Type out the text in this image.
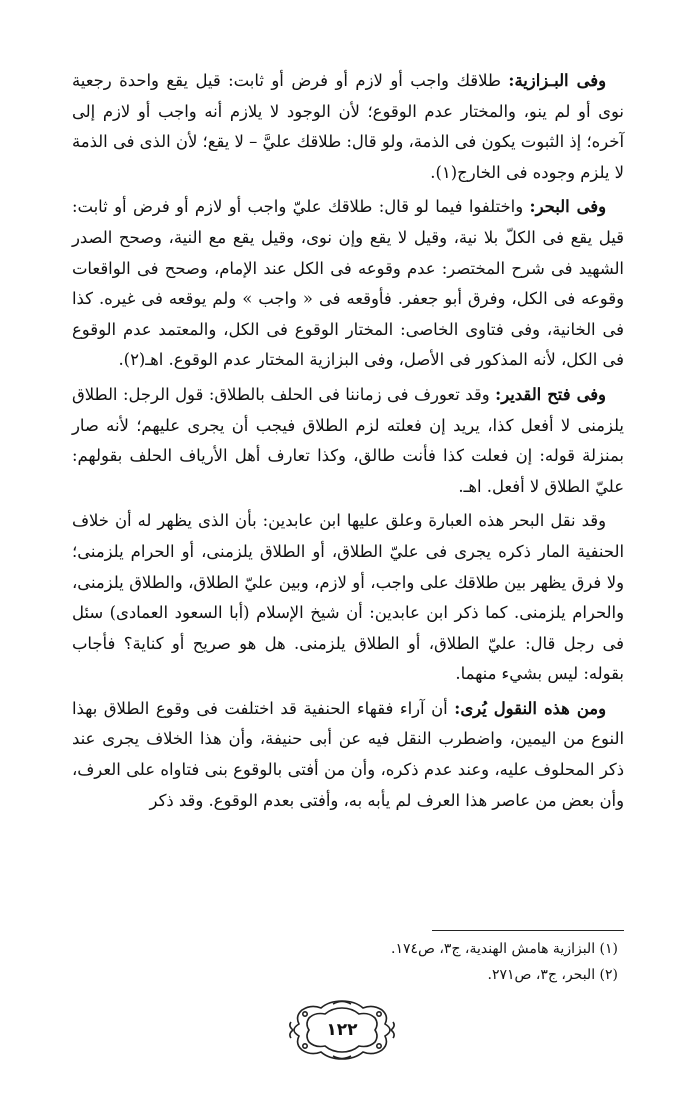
وفى البـزازية: طلاقك واجب أو لازم أو فرض أو ثابت: قيل يقع واحدة رجعية نوى أو لم ينو، والمختار عدم الوقوع؛ لأن الوجود لا يلازم أنه واجب أو لازم إلى آخره؛ إذ الثبوت يكون فى الذمة، ولو قال: طلاقك عليَّ – لا يقع؛ لأن الذى فى الذمة لا يلزم وجوده فى الخارج(١).

وفى البحر: واختلفوا فيما لو قال: طلاقك عليّ واجب أو لازم أو فرض أو ثابت: قيل يقع فى الكلّ بلا نية، وقيل لا يقع وإن نوى، وقيل يقع مع النية، وصحح الصدر الشهيد فى شرح المختصر: عدم وقوعه فى الكل عند الإمام، وصحح فى الواقعات وقوعه فى الكل، وفرق أبو جعفر. فأوقعه فى « واجب » ولم يوقعه فى غيره. كذا فى الخانية، وفى فتاوى الخاصى: المختار الوقوع فى الكل، والمعتمد عدم الوقوع فى الكل، لأنه المذكور فى الأصل، وفى البزازية المختار عدم الوقوع. اهـ(٢).

وفى فتح القدير: وقد تعورف فى زماننا فى الحلف بالطلاق: قول الرجل: الطلاق يلزمنى لا أفعل كذا، يريد إن فعلته لزم الطلاق فيجب أن يجرى عليهم؛ لأنه صار بمنزلة قوله: إن فعلت كذا فأنت طالق، وكذا تعارف أهل الأرياف الحلف بقولهم: عليّ الطلاق لا أفعل. اهـ.

وقد نقل البحر هذه العبارة وعلق عليها ابن عابدين: بأن الذى يظهر له أن خلاف الحنفية المار ذكره يجرى فى عليّ الطلاق، أو الطلاق يلزمنى، أو الحرام يلزمنى؛ ولا فرق يظهر بين طلاقك على واجب، أو لازم، وبين عليّ الطلاق، والطلاق يلزمنى، والحرام يلزمنى. كما ذكر ابن عابدين: أن شيخ الإسلام (أبا السعود العمادى) سئل فى رجل قال: عليّ الطلاق، أو الطلاق يلزمنى. هل هو صريح أو كناية؟ فأجاب بقوله: ليس بشيء منهما.

ومن هذه النقول يُرى: أن آراء فقهاء الحنفية قد اختلفت فى وقوع الطلاق بهذا النوع من اليمين، واضطرب النقل فيه عن أبى حنيفة، وأن هذا الخلاف يجرى عند ذكر المحلوف عليه، وعند عدم ذكره، وأن من أفتى بالوقوع بنى فتاواه على العرف، وأن بعض من عاصر هذا العرف لم يأبه به، وأفتى بعدم الوقوع. وقد ذكر

(١) البزازية هامش الهندية، ج٣، ص١٧٤.

(٢) البحر، ج٣، ص٢٧١.

١٢٢
